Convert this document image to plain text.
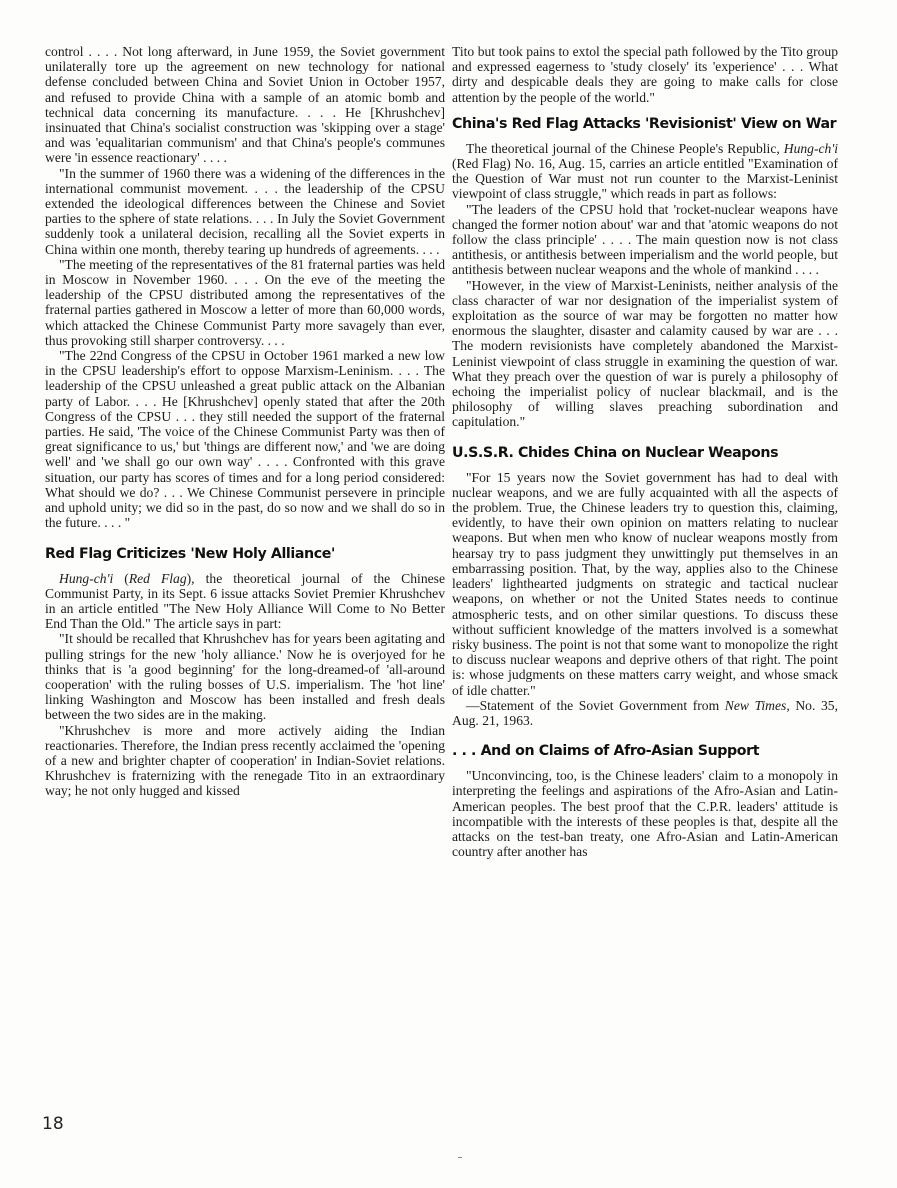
control . . . . Not long afterward, in June 1959, the Soviet government unilaterally tore up the agreement on new technology for national defense concluded between China and Soviet Union in October 1957, and refused to provide China with a sample of an atomic bomb and technical data concerning its manufacture. . . . He [Khrushchev] insinuated that China's socialist construction was 'skipping over a stage' and was 'equalitarian communism' and that China's people's communes were 'in essence reactionary' . . . .

"In the summer of 1960 there was a widening of the differences in the international communist movement. . . . the leadership of the CPSU extended the ideological differences between the Chinese and Soviet parties to the sphere of state relations. . . . In July the Soviet Government suddenly took a unilateral decision, recalling all the Soviet experts in China within one month, thereby tearing up hundreds of agreements. . . .

"The meeting of the representatives of the 81 fraternal parties was held in Moscow in November 1960. . . . On the eve of the meeting the leadership of the CPSU distributed among the representatives of the fraternal parties gathered in Moscow a letter of more than 60,000 words, which attacked the Chinese Communist Party more savagely than ever, thus provoking still sharper controversy. . . .

"The 22nd Congress of the CPSU in October 1961 marked a new low in the CPSU leadership's effort to oppose Marxism-Leninism. . . . The leadership of the CPSU unleashed a great public attack on the Albanian party of Labor. . . . He [Khrushchev] openly stated that after the 20th Congress of the CPSU . . . they still needed the support of the fraternal parties. He said, 'The voice of the Chinese Communist Party was then of great significance to us,' but 'things are different now,' and 'we are doing well' and 'we shall go our own way' . . . . Confronted with this grave situation, our party has scores of times and for a long period considered: What should we do? . . . We Chinese Communist persevere in principle and uphold unity; we did so in the past, do so now and we shall do so in the future. . . . "

Red Flag Criticizes 'New Holy Alliance'

Hung-ch'i (Red Flag), the theoretical journal of the Chinese Communist Party, in its Sept. 6 issue attacks Soviet Premier Khrushchev in an article entitled "The New Holy Alliance Will Come to No Better End Than the Old." The article says in part:

"It should be recalled that Khrushchev has for years been agitating and pulling strings for the new 'holy alliance.' Now he is overjoyed for he thinks that is 'a good beginning' for the long-dreamed-of 'all-around cooperation' with the ruling bosses of U.S. imperialism. The 'hot line' linking Washington and Moscow has been installed and fresh deals between the two sides are in the making.

"Khrushchev is more and more actively aiding the Indian reactionaries. Therefore, the Indian press recently acclaimed the 'opening of a new and brighter chapter of cooperation' in Indian-Soviet relations. Khrushchev is fraternizing with the renegade Tito in an extraordinary way; he not only hugged and kissed

Tito but took pains to extol the special path followed by the Tito group and expressed eagerness to 'study closely' its 'experience' . . . What dirty and despicable deals they are going to make calls for close attention by the people of the world."

China's Red Flag Attacks 'Revisionist' View on War

The theoretical journal of the Chinese People's Republic, Hung-ch'i (Red Flag) No. 16, Aug. 15, carries an article entitled "Examination of the Question of War must not run counter to the Marxist-Leninist viewpoint of class struggle," which reads in part as follows:

"The leaders of the CPSU hold that 'rocket-nuclear weapons have changed the former notion about' war and that 'atomic weapons do not follow the class principle' . . . . The main question now is not class antithesis, or antithesis between imperialism and the world people, but antithesis between nuclear weapons and the whole of mankind . . . .

"However, in the view of Marxist-Leninists, neither analysis of the class character of war nor designation of the imperialist system of exploitation as the source of war may be forgotten no matter how enormous the slaughter, disaster and calamity caused by war are . . . The modern revisionists have completely abandoned the Marxist-Leninist viewpoint of class struggle in examining the question of war. What they preach over the question of war is purely a philosophy of echoing the imperialist policy of nuclear blackmail, and is the philosophy of willing slaves preaching subordination and capitulation."

U.S.S.R. Chides China on Nuclear Weapons

"For 15 years now the Soviet government has had to deal with nuclear weapons, and we are fully acquainted with all the aspects of the problem. True, the Chinese leaders try to question this, claiming, evidently, to have their own opinion on matters relating to nuclear weapons. But when men who know of nuclear weapons mostly from hearsay try to pass judgment they unwittingly put themselves in an embarrassing position. That, by the way, applies also to the Chinese leaders' lighthearted judgments on strategic and tactical nuclear weapons, on whether or not the United States needs to continue atmospheric tests, and on other similar questions. To discuss these without sufficient knowledge of the matters involved is a somewhat risky business. The point is not that some want to monopolize the right to discuss nuclear weapons and deprive others of that right. The point is: whose judgments on these matters carry weight, and whose smack of idle chatter."

—Statement of the Soviet Government from New Times, No. 35, Aug. 21, 1963.

. . . And on Claims of Afro-Asian Support

"Unconvincing, too, is the Chinese leaders' claim to a monopoly in interpreting the feelings and aspirations of the Afro-Asian and Latin-American peoples. The best proof that the C.P.R. leaders' attitude is incompatible with the interests of these peoples is that, despite all the attacks on the test-ban treaty, one Afro-Asian and Latin-American country after another has

18
